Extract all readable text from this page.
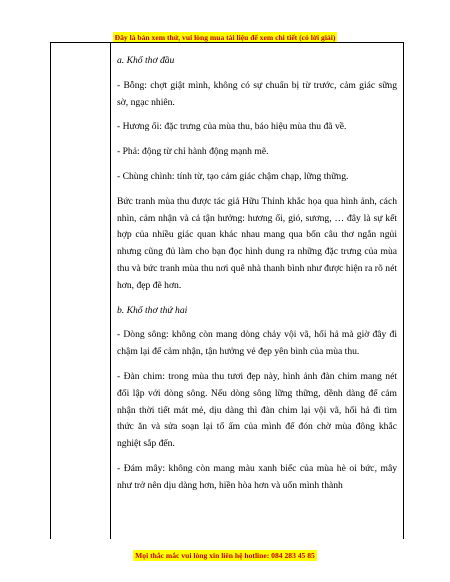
Đây là bản xem thử, vui lòng mua tài liệu để xem chi tiết (có lời giải)

a. Khổ thơ đầu

- Bỗng: chợt giật mình, không có sự chuẩn bị từ trước, cảm giác sững sờ, ngạc nhiên.

- Hương ổi: đặc trưng của mùa thu, báo hiệu mùa thu đã về.

- Phả: động từ chỉ hành động mạnh mẽ.

- Chùng chình: tính từ, tạo cảm giác chậm chạp, lững thững.

Bức tranh mùa thu được tác giả Hữu Thỉnh khắc họa qua hình ảnh, cách nhìn, cảm nhận và cả tận hưởng: hương ổi, gió, sương, … đây là sự kết hợp của nhiều giác quan khác nhau mang qua bốn câu thơ ngắn ngủi nhưng cũng đủ làm cho bạn đọc hình dung ra những đặc trưng của mùa thu và bức tranh mùa thu nơi quê nhà thanh bình như được hiện ra rõ nét hơn, đẹp đẽ hơn.

b. Khổ thơ thứ hai

- Dòng sông: không còn mang dòng chảy vội vã, hối hả mà giờ đây đi chậm lại để cảm nhận, tận hưởng vẻ đẹp yên bình của mùa thu.

- Đàn chim: trong mùa thu tươi đẹp này, hình ảnh đàn chim mang nét đối lập với dòng sông. Nếu dòng sông lững thững, dềnh dàng để cảm nhận thời tiết mát mẻ, dịu dàng thì đàn chim lại vội vã, hối hả đi tìm thức ăn và sửa soạn lại tổ ấm của mình để đón chờ mùa đông khắc nghiệt sắp đến.

- Đám mây: không còn mang màu xanh biếc của mùa hè oi bức, mây như trở nên dịu dàng hơn, hiền hòa hơn và uốn mình thành

Mọi thắc mắc vui lòng xin liên hệ hotline: 084 283 45 85
